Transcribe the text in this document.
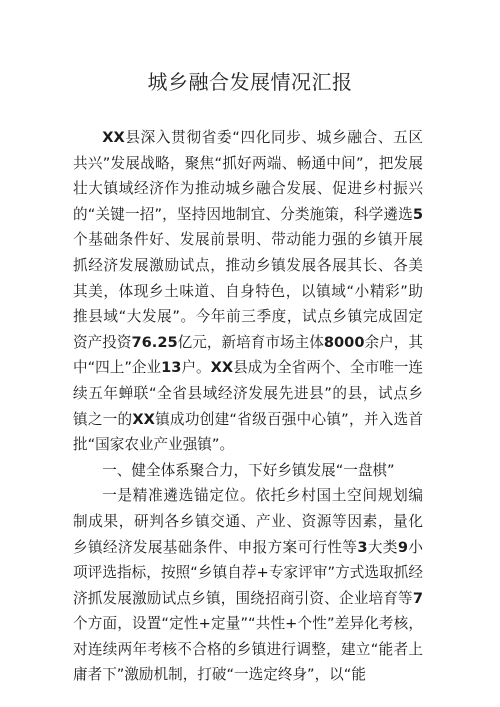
城乡融合发展情况汇报

XX县深入贯彻省委“四化同步、城乡融合、五区共兴”发展战略，聚焦“抓好两端、畅通中间”，把发展壮大镇域经济作为推动城乡融合发展、促进乡村振兴的“关键一招”，坚持因地制宜、分类施策，科学遴选5个基础条件好、发展前景明、带动能力强的乡镇开展抓经济发展激励试点，推动乡镇发展各展其长、各美其美，体现乡土味道、自身特色，以镇域“小精彩”助推县域“大发展”。今年前三季度，试点乡镇完成固定资产投资76.25亿元，新培育市场主体8000余户，其中“四上”企业13户。XX县成为全省两个、全市唯一连续五年蝉联“全省县域经济发展先进县”的县，试点乡镇之一的XX镇成功创建“省级百强中心镇”，并入选首批“国家农业产业强镇”。

一、健全体系聚合力，下好乡镇发展“一盘棋”

一是精准遴选锚定位。依托乡村国土空间规划编制成果，研判各乡镇交通、产业、资源等因素，量化乡镇经济发展基础条件、申报方案可行性等3大类9小项评选指标，按照“乡镇自荐+专家评审”方式选取抓经济抓发展激励试点乡镇，围绕招商引资、企业培育等7个方面，设置“定性+定量”“共性+个性”差异化考核，对连续两年考核不合格的乡镇进行调整，建立“能者上庸者下”激励机制，打破“一选定终身”，以“能
